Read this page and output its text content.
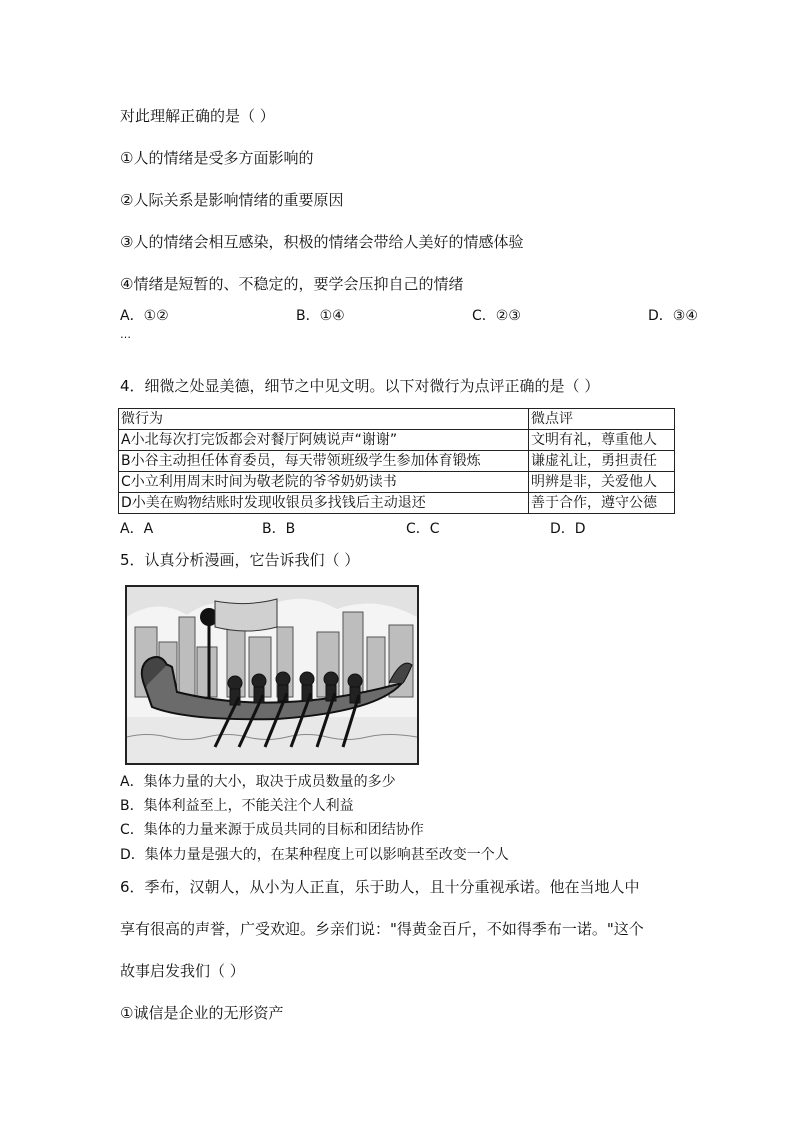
对此理解正确的是（ ）
①人的情绪是受多方面影响的
②人际关系是影响情绪的重要原因
③人的情绪会相互感染，积极的情绪会带给人美好的情感体验
④情绪是短暂的、不稳定的，要学会压抑自己的情绪
A．①②	B．①④	C．②③	D．③④
…
4．细微之处显美德，细节之中见文明。以下对微行为点评正确的是（ ）
微行为	微点评
A小北每次打完饭都会对餐厅阿姨说声“谢谢”	文明有礼，尊重他人
B小谷主动担任体育委员，每天带领班级学生参加体育锻炼	谦虚礼让，勇担责任
C小立利用周末时间为敬老院的爷爷奶奶读书	明辨是非，关爱他人
D小美在购物结账时发现收银员多找钱后主动退还	善于合作，遵守公德
A．A	B．B	C．C	D．D
5．认真分析漫画，它告诉我们（ ）
A．集体力量的大小，取决于成员数量的多少
B．集体利益至上，不能关注个人利益
C．集体的力量来源于成员共同的目标和团结协作
D．集体力量是强大的，在某种程度上可以影响甚至改变一个人
6．季布，汉朝人，从小为人正直，乐于助人，且十分重视承诺。他在当地人中
享有很高的声誉，广受欢迎。乡亲们说："得黄金百斤，不如得季布一诺。"这个
故事启发我们（ ）
①诚信是企业的无形资产
